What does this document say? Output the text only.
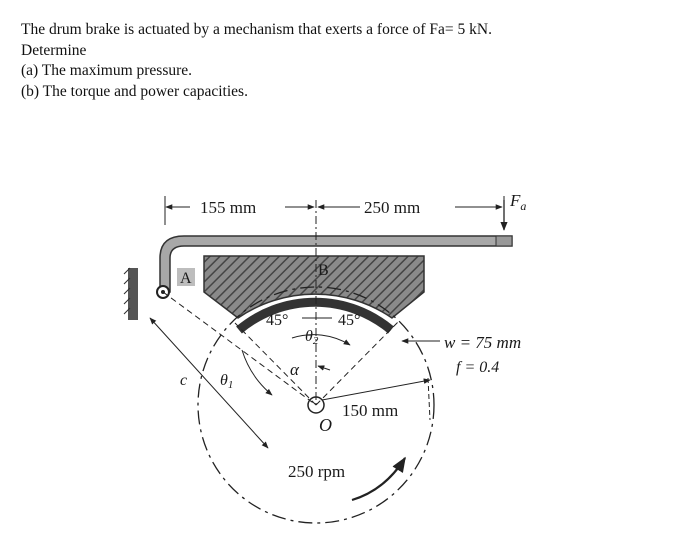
The drum brake is actuated by a mechanism that exerts a force of Fa= 5 kN.
Determine
(a) The maximum pressure.
(b) The torque and power capacities.
155 mm	250 mm	$F_a$
A	B
45°	45°
θ2
α
c θ1
O
w = 75 mm
f = 0.4
150 mm
250 rpm
